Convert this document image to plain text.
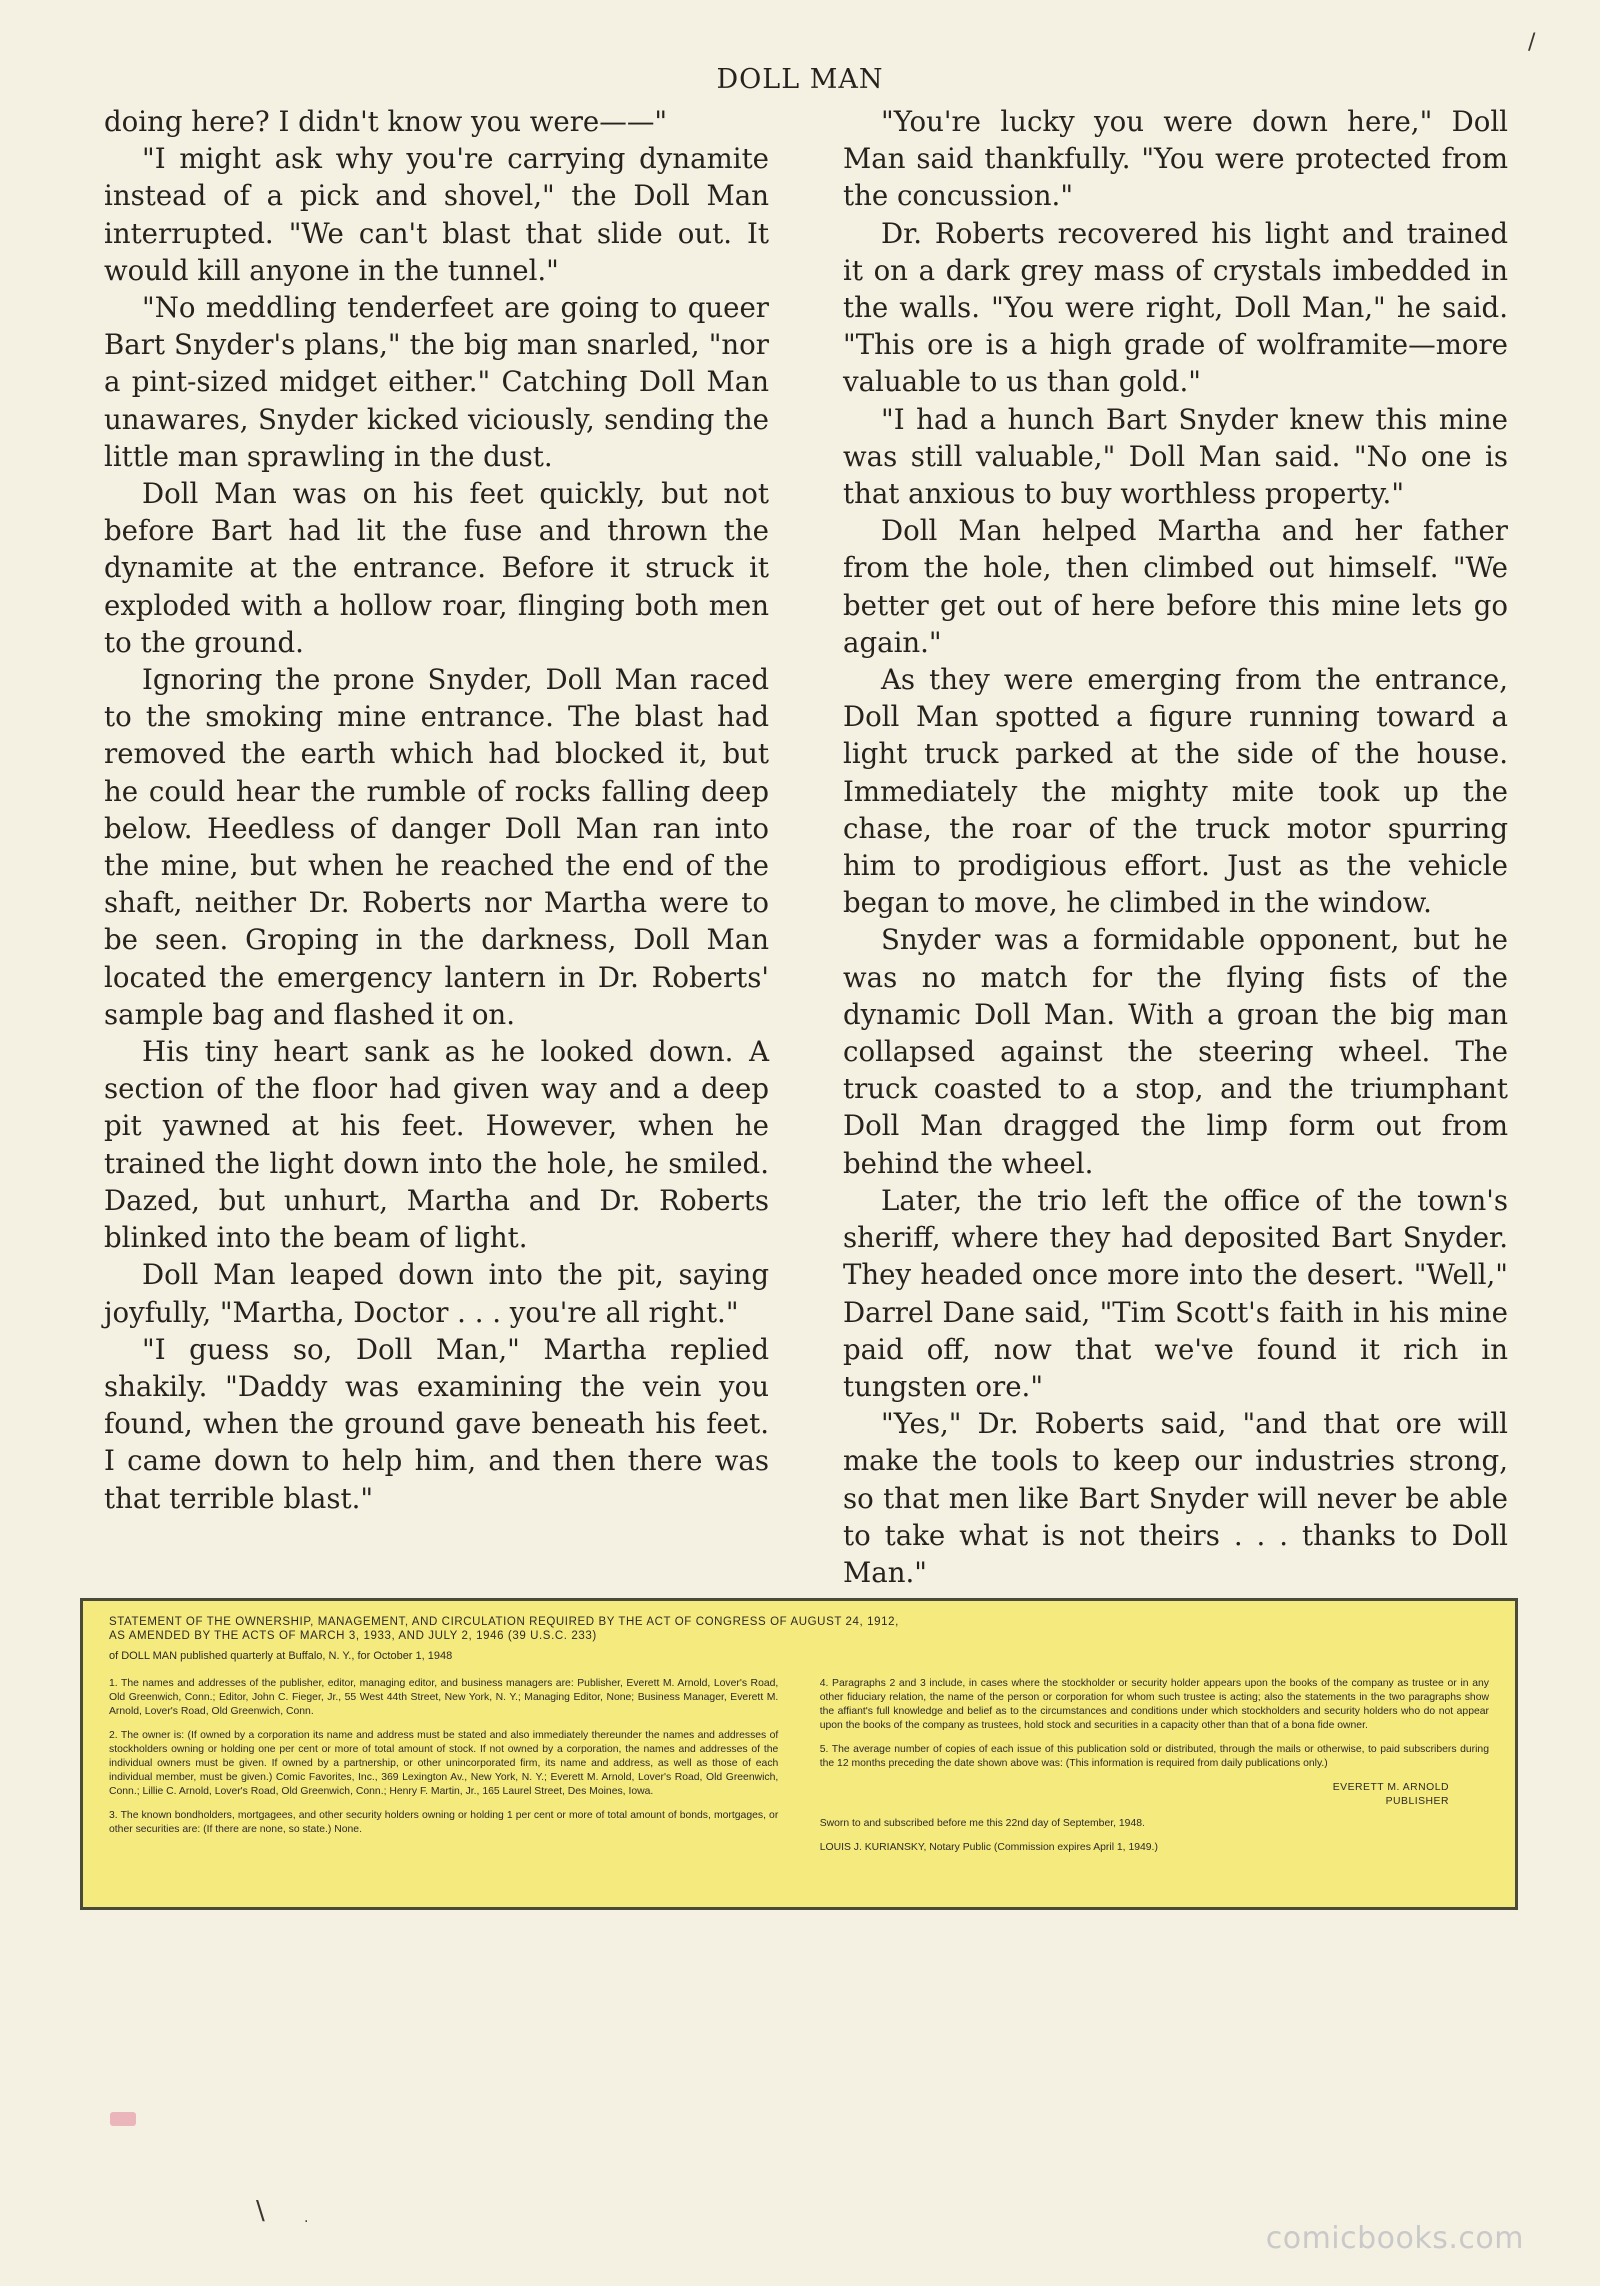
DOLL MAN

doing here? I didn't know you were——"

"I might ask why you're carrying dynamite instead of a pick and shovel," the Doll Man interrupted. "We can't blast that slide out. It would kill anyone in the tunnel."

"No meddling tenderfeet are going to queer Bart Snyder's plans," the big man snarled, "nor a pint-sized midget either." Catching Doll Man unawares, Snyder kicked viciously, sending the little man sprawling in the dust.

Doll Man was on his feet quickly, but not before Bart had lit the fuse and thrown the dynamite at the entrance. Before it struck it exploded with a hollow roar, flinging both men to the ground.

Ignoring the prone Snyder, Doll Man raced to the smoking mine entrance. The blast had removed the earth which had blocked it, but he could hear the rumble of rocks falling deep below. Heedless of danger Doll Man ran into the mine, but when he reached the end of the shaft, neither Dr. Roberts nor Martha were to be seen. Groping in the darkness, Doll Man located the emergency lantern in Dr. Roberts' sample bag and flashed it on.

His tiny heart sank as he looked down. A section of the floor had given way and a deep pit yawned at his feet. However, when he trained the light down into the hole, he smiled. Dazed, but unhurt, Martha and Dr. Roberts blinked into the beam of light.

Doll Man leaped down into the pit, saying joyfully, "Martha, Doctor . . . you're all right."

"I guess so, Doll Man," Martha replied shakily. "Daddy was examining the vein you found, when the ground gave beneath his feet. I came down to help him, and then there was that terrible blast."

"You're lucky you were down here," Doll Man said thankfully. "You were protected from the concussion."

Dr. Roberts recovered his light and trained it on a dark grey mass of crystals imbedded in the walls. "You were right, Doll Man," he said. "This ore is a high grade of wolframite—more valuable to us than gold."

"I had a hunch Bart Snyder knew this mine was still valuable," Doll Man said. "No one is that anxious to buy worthless property."

Doll Man helped Martha and her father from the hole, then climbed out himself. "We better get out of here before this mine lets go again."

As they were emerging from the entrance, Doll Man spotted a figure running toward a light truck parked at the side of the house. Immediately the mighty mite took up the chase, the roar of the truck motor spurring him to prodigious effort. Just as the vehicle began to move, he climbed in the window.

Snyder was a formidable opponent, but he was no match for the flying fists of the dynamic Doll Man. With a groan the big man collapsed against the steering wheel. The truck coasted to a stop, and the triumphant Doll Man dragged the limp form out from behind the wheel.

Later, the trio left the office of the town's sheriff, where they had deposited Bart Snyder. They headed once more into the desert. "Well," Darrel Dane said, "Tim Scott's faith in his mine paid off, now that we've found it rich in tungsten ore."

"Yes," Dr. Roberts said, "and that ore will make the tools to keep our industries strong, so that men like Bart Snyder will never be able to take what is not theirs . . . thanks to Doll Man."

STATEMENT OF THE OWNERSHIP, MANAGEMENT, AND CIRCULATION REQUIRED BY THE ACT OF CONGRESS OF AUGUST 24, 1912,
AS AMENDED BY THE ACTS OF MARCH 3, 1933, AND JULY 2, 1946 (39 U.S.C. 233)
of DOLL MAN published quarterly at Buffalo, N. Y., for October 1, 1948

1. The names and addresses of the publisher, editor, managing editor, and business managers are: Publisher, Everett M. Arnold, Lover's Road, Old Greenwich, Conn.; Editor, John C. Fieger, Jr., 55 West 44th Street, New York, N. Y.; Managing Editor, None; Business Manager, Everett M. Arnold, Lover's Road, Old Greenwich, Conn.

2. The owner is: (If owned by a corporation its name and address must be stated and also immediately thereunder the names and addresses of stockholders owning or holding one per cent or more of total amount of stock. If not owned by a corporation, the names and addresses of the individual owners must be given. If owned by a partnership, or other unincorporated firm, its name and address, as well as those of each individual member, must be given.) Comic Favorites, Inc., 369 Lexington Av., New York, N. Y.; Everett M. Arnold, Lover's Road, Old Greenwich, Conn.; Lillie C. Arnold, Lover's Road, Old Greenwich, Conn.; Henry F. Martin, Jr., 165 Laurel Street, Des Moines, Iowa.

3. The known bondholders, mortgagees, and other security holders owning or holding 1 per cent or more of total amount of bonds, mortgages, or other securities are: (If there are none, so state.) None.

4. Paragraphs 2 and 3 include, in cases where the stockholder or security holder appears upon the books of the company as trustee or in any other fiduciary relation, the name of the person or corporation for whom such trustee is acting; also the statements in the two paragraphs show the affiant's full knowledge and belief as to the circumstances and conditions under which stockholders and security holders who do not appear upon the books of the company as trustees, hold stock and securities in a capacity other than that of a bona fide owner.

5. The average number of copies of each issue of this publication sold or distributed, through the mails or otherwise, to paid subscribers during the 12 months preceding the date shown above was: (This information is required from daily publications only.)

EVERETT M. ARNOLD
PUBLISHER

Sworn to and subscribed before me this 22nd day of September, 1948.

LOUIS J. KURIANSKY, Notary Public (Commission expires April 1, 1949.)

\	·
/
comicbooks.com
